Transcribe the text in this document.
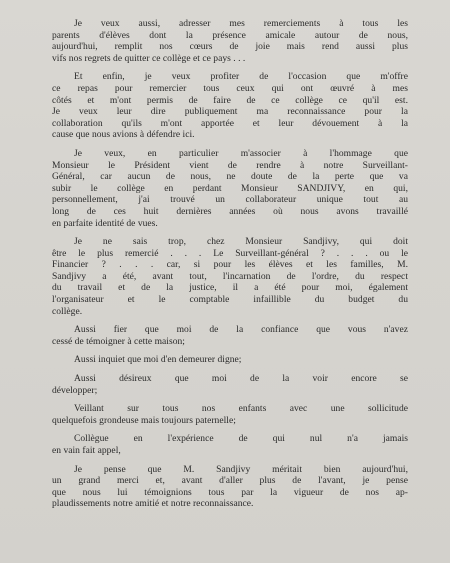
Je veux aussi, adresser mes remerciements à tous les
parents d'élèves dont la présence amicale autour de nous,
aujourd'hui, remplit nos cœurs de joie mais rend aussi plus
vifs nos regrets de quitter ce collège et ce pays . . .
Et enfin, je veux profiter de l'occasion que m'offre
ce repas pour remercier tous ceux qui ont œuvré à mes
côtés et m'ont permis de faire de ce collège ce qu'il est.
Je veux leur dire publiquement ma reconnaissance pour la
collaboration qu'ils m'ont apportée et leur dévouement à la
cause que nous avions à défendre ici.
Je veux, en particulier m'associer à l'hommage que
Monsieur le Président vient de rendre à notre Surveillant-
Général, car aucun de nous, ne doute de la perte que va
subir le collège en perdant Monsieur SANDJIVY, en qui,
personnellement, j'ai trouvé un collaborateur unique tout au
long de ces huit dernières années où nous avons travaillé
en parfaite identité de vues.
Je ne sais trop, chez Monsieur Sandjivy, qui doit
être le plus remercié . . . Le Surveillant-général ? . . . ou le
Financier ? . . . car, si pour les élèves et les familles, M.
Sandjivy a été, avant tout, l'incarnation de l'ordre, du respect
du travail et de la justice, il a été pour moi, également
l'organisateur et le comptable infaillible du budget du
collège.
Aussi fier que moi de la confiance que vous n'avez
cessé de témoigner à cette maison;
Aussi inquiet que moi d'en demeurer digne;
Aussi désireux que moi de la voir encore se
développer;
Veillant sur tous nos enfants avec une sollicitude
quelquefois grondeuse mais toujours paternelle;
Collègue en l'expérience de qui nul n'a jamais
en vain fait appel,
Je pense que M. Sandjivy méritait bien aujourd'hui,
un grand merci et, avant d'aller plus de l'avant, je pense
que nous lui témoignions tous par la vigueur de nos ap-
plaudissements notre amitié et notre reconnaissance.
